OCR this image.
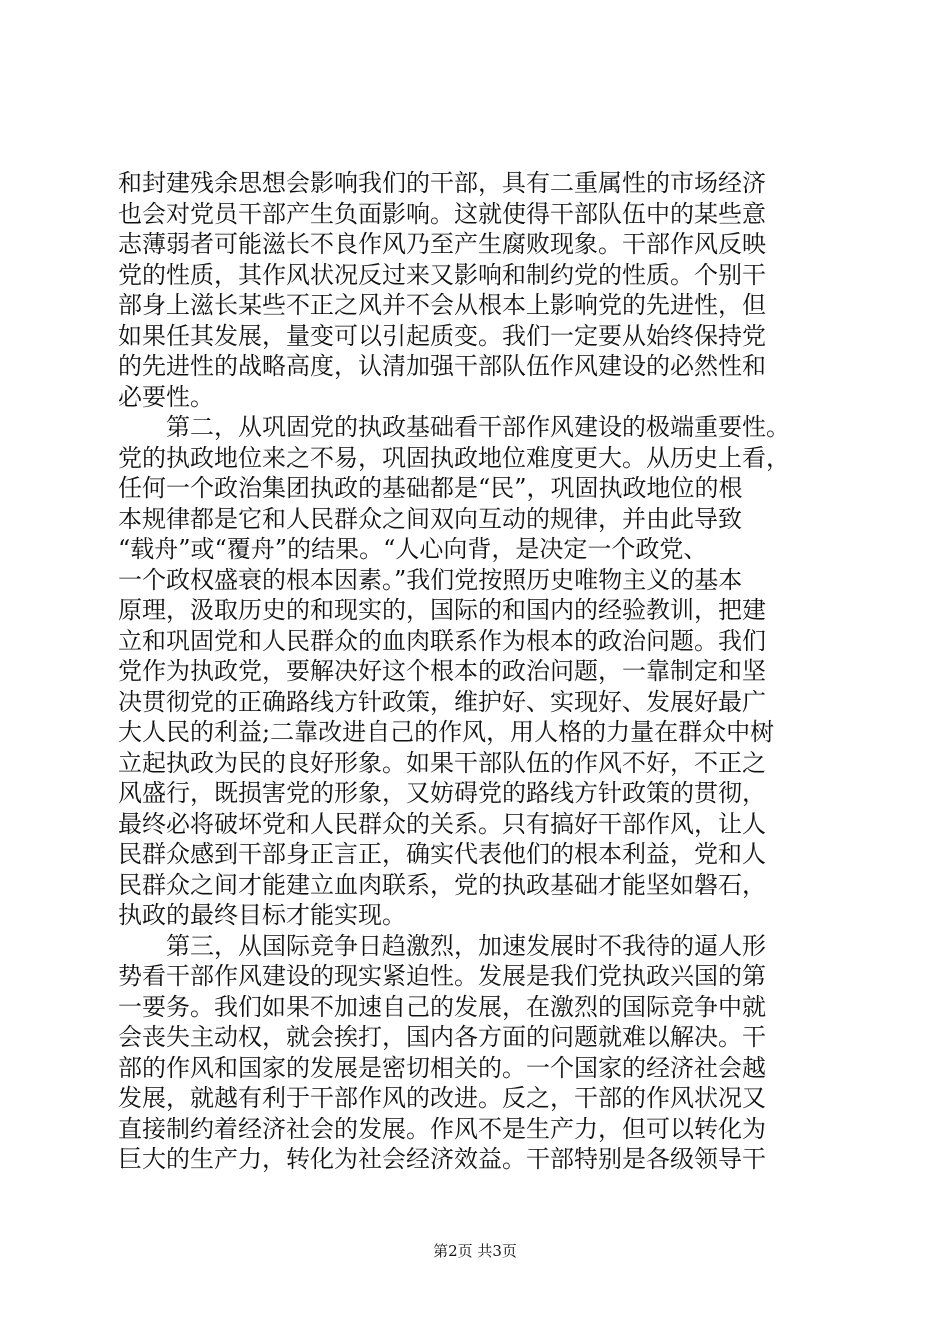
和封建残余思想会影响我们的干部，具有二重属性的市场经济
也会对党员干部产生负面影响。这就使得干部队伍中的某些意
志薄弱者可能滋长不良作风乃至产生腐败现象。干部作风反映
党的性质，其作风状况反过来又影响和制约党的性质。个别干
部身上滋长某些不正之风并不会从根本上影响党的先进性，但
如果任其发展，量变可以引起质变。我们一定要从始终保持党
的先进性的战略高度，认清加强干部队伍作风建设的必然性和
必要性。
　　第二，从巩固党的执政基础看干部作风建设的极端重要性。
党的执政地位来之不易，巩固执政地位难度更大。从历史上看，
任何一个政治集团执政的基础都是“民”，巩固执政地位的根
本规律都是它和人民群众之间双向互动的规律，并由此导致
“载舟”或“覆舟”的结果。“人心向背，是决定一个政党、
一个政权盛衰的根本因素。”我们党按照历史唯物主义的基本
原理，汲取历史的和现实的，国际的和国内的经验教训，把建
立和巩固党和人民群众的血肉联系作为根本的政治问题。我们
党作为执政党，要解决好这个根本的政治问题，一靠制定和坚
决贯彻党的正确路线方针政策，维护好、实现好、发展好最广
大人民的利益;二靠改进自己的作风，用人格的力量在群众中树
立起执政为民的良好形象。如果干部队伍的作风不好，不正之
风盛行，既损害党的形象，又妨碍党的路线方针政策的贯彻，
最终必将破坏党和人民群众的关系。只有搞好干部作风，让人
民群众感到干部身正言正，确实代表他们的根本利益，党和人
民群众之间才能建立血肉联系，党的执政基础才能坚如磐石，
执政的最终目标才能实现。
　　第三，从国际竞争日趋激烈，加速发展时不我待的逼人形
势看干部作风建设的现实紧迫性。发展是我们党执政兴国的第
一要务。我们如果不加速自己的发展，在激烈的国际竞争中就
会丧失主动权，就会挨打，国内各方面的问题就难以解决。干
部的作风和国家的发展是密切相关的。一个国家的经济社会越
发展，就越有利于干部作风的改进。反之，干部的作风状况又
直接制约着经济社会的发展。作风不是生产力，但可以转化为
巨大的生产力，转化为社会经济效益。干部特别是各级领导干
第2页 共3页
